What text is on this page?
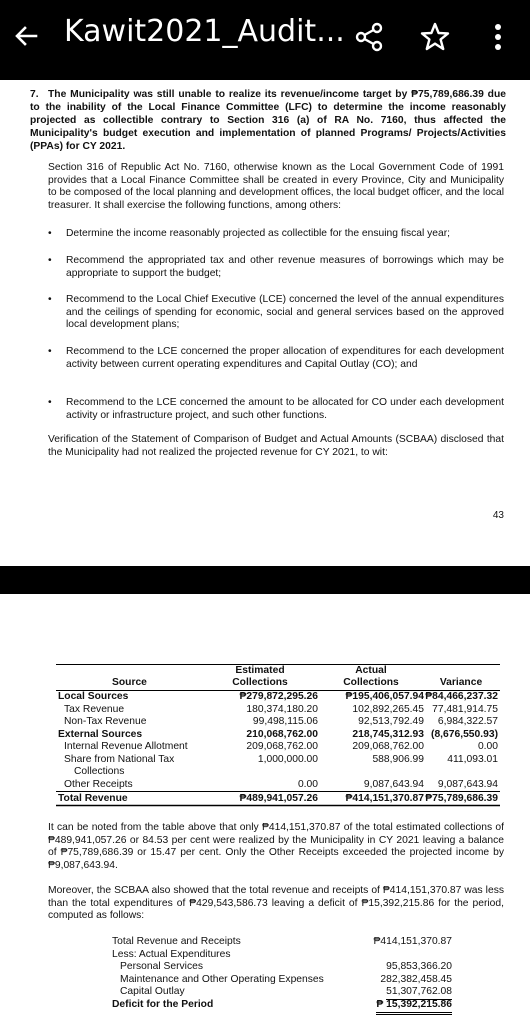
Kawit2021_Audit...
7. The Municipality was still unable to realize its revenue/income target by ₱75,789,686.39 due to the inability of the Local Finance Committee (LFC) to determine the income reasonably projected as collectible contrary to Section 316 (a) of RA No. 7160, thus affected the Municipality's budget execution and implementation of planned Programs/ Projects/Activities (PPAs) for CY 2021.
Section 316 of Republic Act No. 7160, otherwise known as the Local Government Code of 1991 provides that a Local Finance Committee shall be created in every Province, City and Municipality to be composed of the local planning and development offices, the local budget officer, and the local treasurer. It shall exercise the following functions, among others:
• Determine the income reasonably projected as collectible for the ensuing fiscal year;
• Recommend the appropriated tax and other revenue measures of borrowings which may be appropriate to support the budget;
• Recommend to the Local Chief Executive (LCE) concerned the level of the annual expenditures and the ceilings of spending for economic, social and general services based on the approved local development plans;
• Recommend to the LCE concerned the proper allocation of expenditures for each development activity between current operating expenditures and Capital Outlay (CO); and
• Recommend to the LCE concerned the amount to be allocated for CO under each development activity or infrastructure project, and such other functions.
Verification of the Statement of Comparison of Budget and Actual Amounts (SCBAA) disclosed that the Municipality had not realized the projected revenue for CY 2021, to wit:
43
Estimated	Actual
Source	Collections	Collections	Variance
Local Sources	₱279,872,295.26	₱195,406,057.94 ₱84,466,237.32
Tax Revenue	180,374,180.20	102,892,265.45 77,481,914.75
Non-Tax Revenue	99,498,115.06	92,513,792.49	6,984,322.57
External Sources	210,068,762.00	218,745,312.93 (8,676,550.93)
Internal Revenue Allotment	209,068,762.00	209,068,762.00	0.00
Share from National Tax	1,000,000.00	588,906.99	411,093.01
Collections
Other Receipts	0.00	9,087,643.94	9,087,643.94
Total Revenue	₱489,941,057.26	₱414,151,370.87 ₱75,789,686.39
It can be noted from the table above that only ₱414,151,370.87 of the total estimated collections of ₱489,941,057.26 or 84.53 per cent were realized by the Municipality in CY 2021 leaving a balance of ₱75,789,686.39 or 15.47 per cent. Only the Other Receipts exceeded the projected income by ₱9,087,643.94.
Moreover, the SCBAA also showed that the total revenue and receipts of ₱414,151,370.87 was less than the total expenditures of ₱429,543,586.73 leaving a deficit of ₱15,392,215.86 for the period, computed as follows:
Total Revenue and Receipts	₱414,151,370.87
Less: Actual Expenditures
Personal Services	95,853,366.20
Maintenance and Other Operating Expenses	282,382,458.45
Capital Outlay	51,307,762.08
Deficit for the Period	₱ 15,392,215.86
